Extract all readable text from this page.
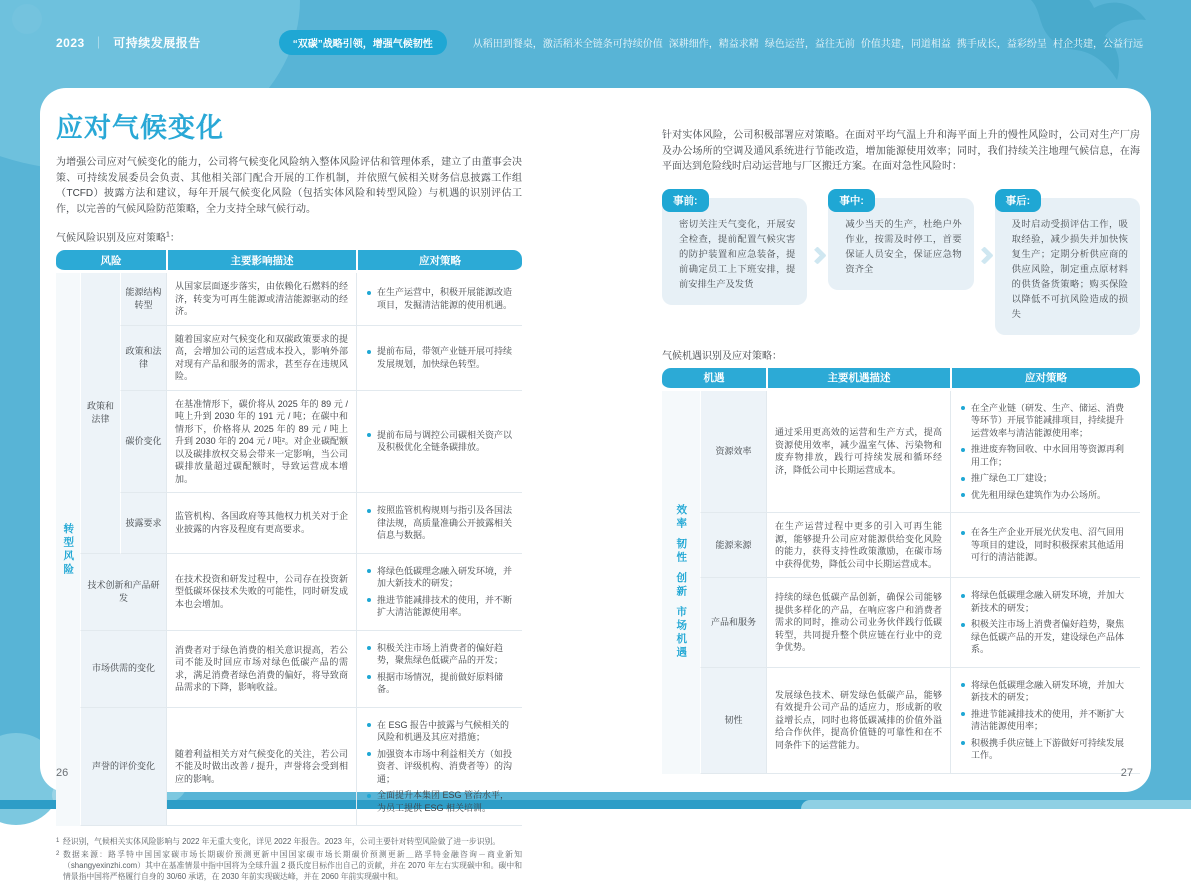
2023 ｜ 可持续发展报告	“双碳”战略引领，增强气候韧性	从稻田到餐桌，激活稻米全链条可持续价值 深耕细作，精益求精 绿色运营，益往无前 价值共建，同道相益 携手成长，益彩纷呈 村企共建，公益行远
应对气候变化

为增强公司应对气候变化的能力，公司将气候变化风险纳入整体风险评估和管理体系，建立了由董事会决策、可持续发展委员会负责、其他相关部门配合开展的工作机制，并依照气候相关财务信息披露工作组（TCFD）披露方法和建议，每年开展气候变化风险（包括实体风险和转型风险）与机遇的识别评估工作，以完善的气候风险防范策略，全力支持全球气候行动。

气候风险识别及应对策略$^1$：
风险			主要影响描述	应对策略

转型风险
	政策和法律	能源结构转型	从国家层面逐步落实，由依赖化石燃料的经济，转变为可再生能源或清洁能源驱动的经济。	
在生产运营中，积极开展能源改造项目，发掘清洁能源的使用机遇。

政策和法律	随着国家应对气候变化和双碳政策要求的提高，会增加公司的运营成本投入，影响外部对现有产品和服务的需求，甚至存在违规风险。	
提前布局，带领产业链开展可持续发展规划，加快绿色转型。

碳价变化	在基准情形下，碳价将从 2025 年的 89 元 / 吨上升到 2030 年的 191 元 / 吨；在碳中和情形下，价格将从 2025 年的 89 元 / 吨上升到 2030 年的 204 元 / 吨²。对企业碳配额以及碳排放权交易会带来一定影响，当公司碳排放量超过碳配额时，导致运营成本增加。	
提前布局与调控公司碳相关资产以及积极优化全链条碳排放。

披露要求	监管机构、各国政府等其他权力机关对于企业披露的内容及程度有更高要求。	
按照监管机构规则与指引及各国法律法规，高质量准确公开披露相关信息与数据。

技术创新和产品研发	在技术投资和研发过程中，公司存在投资新型低碳环保技术失败的可能性，同时研发成本也会增加。	
将绿色低碳理念融入研发环境，并加大新技术的研发；
推进节能减排技术的使用，并不断扩大清洁能源使用率。

市场供需的变化	消费者对于绿色消费的相关意识提高，若公司不能及时回应市场对绿色低碳产品的需求，满足消费者绿色消费的偏好，将导致商品需求的下降，影响收益。	
积极关注市场上消费者的偏好趋势，聚焦绿色低碳产品的开发；
根据市场情况，提前做好原料储备。

声誉的评价变化	随着利益相关方对气候变化的关注，若公司不能及时做出改善 / 提升，声誉将会受到相应的影响。	
在 ESG 报告中披露与气候相关的风险和机遇及其应对措施；
加强资本市场中利益相关方（如投资者、评级机构、消费者等）的沟通；
全面提升本集团 ESG 管治水平，为员工提供 ESG 相关培训。
1 经识别，气候相关实体风险影响与 2022 年无重大变化，详见 2022 年报告。2023 年，公司主要针对转型风险做了进一步识别。
2 数据来源：路孚特中国国家碳市场长期碳价预测更新中国国家碳市场长期碳价预测更新＿路孚特金融咨询－商业新知（shangyexinzhi.com）其中在基准情景中指中国将为全球升温 2 摄氏度目标作出自己的贡献，并在 2070 年左右实现碳中和。碳中和情景指中国将严格履行自身的 30/60 承诺，在 2030 年前实现碳达峰，并在 2060 年前实现碳中和。

针对实体风险，公司积极部署应对策略。在面对平均气温上升和海平面上升的慢性风险时，公司对生产厂房及办公场所的空调及通风系统进行节能改造，增加能源使用效率；同时，我们持续关注地理气候信息，在海平面达到危险线时启动运营地与厂区搬迁方案。在面对急性风险时：

事前:

密切关注天气变化，开展安全检查，提前配置气候灾害的防护装置和应急装备，提前确定员工上下班安排，提前安排生产及发货

事中:

减少当天的生产，杜绝户外作业，按需及时停工，首要保证人员安全，保证应急物资齐全

事后:

及时启动受损评估工作，吸取经验，减少损失并加快恢复生产；定期分析供应商的供应风险，制定重点原材料的供货备货策略；购买保险以降低不可抗风险造成的损失

气候机遇识别及应对策略：
机遇		主要机遇描述	应对策略

效率
韧性
创新
市场机遇
	资源效率	通过采用更高效的运营和生产方式，提高资源使用效率，减少温室气体、污染物和废弃物排放，践行可持续发展和循环经济，降低公司中长期运营成本。	
在全产业链（研发、生产、储运、消费等环节）开展节能减排项目，持续提升运营效率与清洁能源使用率；
推进废弃物回收、中水回用等资源再利用工作；
推广绿色工厂建设；
优先租用绿色建筑作为办公场所。

能源来源	在生产运营过程中更多的引入可再生能源，能够提升公司应对能源供给变化风险的能力，获得支持性政策激励，在碳市场中获得优势，降低公司中长期运营成本。	
在各生产企业开展光伏发电、沼气回用等项目的建设，同时积极探索其他适用可行的清洁能源。

产品和服务	持续的绿色低碳产品创新，确保公司能够提供多样化的产品，在响应客户和消费者需求的同时，推动公司业务伙伴践行低碳转型，共同提升整个供应链在行业中的竞争优势。	
将绿色低碳理念融入研发环境，并加大新技术的研发；
积极关注市场上消费者偏好趋势，聚焦绿色低碳产品的开发，建设绿色产品体系。

韧性	发展绿色技术、研发绿色低碳产品，能够有效提升公司产品的适应力，形成新的收益增长点，同时也将低碳减排的价值外溢给合作伙伴，提高价值链的可靠性和在不同条件下的运营能力。	
将绿色低碳理念融入研发环境，并加大新技术的研发；
推进节能减排技术的使用，并不断扩大清洁能源使用率；
积极携手供应链上下游做好可持续发展工作。
26	27
